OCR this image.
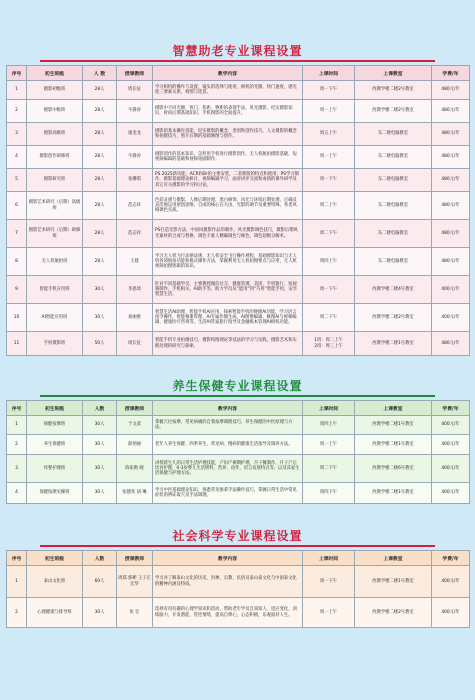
智慧助老专业课程设置
序号	初生班级	人 数	授课教师	教学内容	上课时间	上课教室	学费/年
1	摄影初级班	28人	周长征	学习相机的操作与设置、镜头的选择与使用，相机的光圈、快门速度、感光度三要素关系，构图与选景。	周一下午	西教学楼二楼2号教室	480元/年
2	摄影中级班	28人	牛静涛	摄影中不同光圈、快门、焦距、物距的表现手法，风光摄影、纪实摄影知识，时尚后期基础知识，手机摄影的全面提升。	周一上午	西教学楼二楼2号教室	480元/年
3	摄影高级班	28人	康金龙	摄影的基本操作技能，纪实摄影的概念、类别和创作技巧，人文摄影的概念和拍摄技巧，照片后期的基础修图与创作。	周五上午	东二楼电脑教室	480元/年
4	摄影创作研修班	28人	牛静涛	摄影创作的基本知识，怎样用手机进行摄影创作，无人机航拍摄影基础，短视频编辑的基础和视频短剧制作。	周一上午	东二楼电脑教室	480元/年
5	摄影研究班	28人	张姗琪	PS 2025新功能，ACR和Br的主要安装，二者新版的特点和使用；PS学习制作，摄影基础理论研讨，视频编辑学习，面对讲评交流和成绩的课外研学及其它有关摄影的学习和讨论。	周一下午	东二楼电脑教室	480元/年
6	摄影艺术研究（后期）高级班	28人	范志祥	色彩灵感与摄影，人像后期处理，黑白修饰，风光与环境后期处理，正确及灵活地运用原创思维，自成的核心在大由，光影的调节及重要特殊，各类风格调色实战。	周二上午	东二楼电脑教室	480元/年
7	摄影艺术研究（后期）研修班	28人	范志祥	PS打造光影方法，中国风摄影作品的制作，风光摄影调色技巧，摄影后期风光素材的合成与替换，调色不准人精确调色与修色，调色超级分解术。	周二下午	东二楼电脑教室	480元/年
8	无人机航拍班	28人	王建	学习无人机飞行法律法规，无人机安全飞行操作规程，基础摄影知识与无人机各项航拍功能和模式操作方法，掌握利用无人机拍摄要点与应用，无人机视频拍摄剪辑的知识。	周四上午	东二楼电脑教室	480元/年
9	智能手机应用班	30人	李思琦	针对不同基础学员，主要教授微信社交、健康管理、美团、手机银行、短视频制作、手机相关、AI助手等，助力学员从“能用”到“巧用”智能手机，安享智慧生活。	周一下午	西教学楼二楼4号教室	400元/年
10	AI智能应用班	30人	刘丽惠	智慧生活AI助理、智能手机AI应用、探索智能手机的便捷AI功能，学习语言指令操作，智能相册管理、AI专属作偶生成，AI图像编辑、修图AI与视频编辑、健康医疗咨询等，生活AI管家旅行指导及金融账本管理AI相机功能。	周二下午	西教学楼二楼2号教室	400元/年
11	手机摄影班	50人	周长征	智能手机专业拍摄技巧，摄影构图理论等技法的学习与实践，摄影艺术和实践处理的研究与探索。	1班：周二上午
2班：周三上午	西教学楼二楼1号教室	480元/年
养生保健专业课程设置
序号	初生班级	人数	授课教师	教学内容	上课时间	上课教室	学费/年
1	保健按摩班	30人	于文武	掌握穴位按摩，常见病痛的自我按摩调理技巧，养生保健的中医原理与方法。	周四上午	西教学楼二楼1号教室	400元/年
2	养生保健班	30人	薛炳丽	老年人养生保健、四季养生、常见病、慢病的健康生活指导及调养方法。	周一上午	西教学楼二楼1号教室	400元/年
3	母婴护理班	30人	陈张勋 晓	讲授新生儿的日常生活护理技能，产妇产褥期护理，月子餐制作，月子产后饮食护理，0-3岁婴儿生活照料，营养、动作、语言发展特点等，以及其家生活保健与护理方法。	周二下午	西教学楼二楼6号教室	400元/年
4	保健按摩实操班	30人	张德兆 胡 琳	学习中医基础理论知识，熟悉常见推拿手法操作技巧，掌握日常生活中常见症状的辨证取穴及手法调理。	周四下午	西教学楼二楼1号教室	400元/年
社会科学专业课程设置
序号	初生班级	人数	授课教师	教学内容	上课时间	上课教室	学费/年
1	泰山文化班	60人	周郑 郭彬 王子正宏华	学习并了解泰山文化的历史、封禅、宗教、民俗及泰山泰文化与中国泰文化的精神内涵及特质。	周一下午	西教学楼二楼1号教室	400元/年
2	心理健康与排导班	30人	张 宏	选择有用有趣的心理学知识和活动，帮助老年学员自知知人，适应变化，训练脑力，开发潜能，管控情绪，提高自尊心，心态积极，乐观面对人生。	周一上午	西教学楼二楼2号教室	400元/年
